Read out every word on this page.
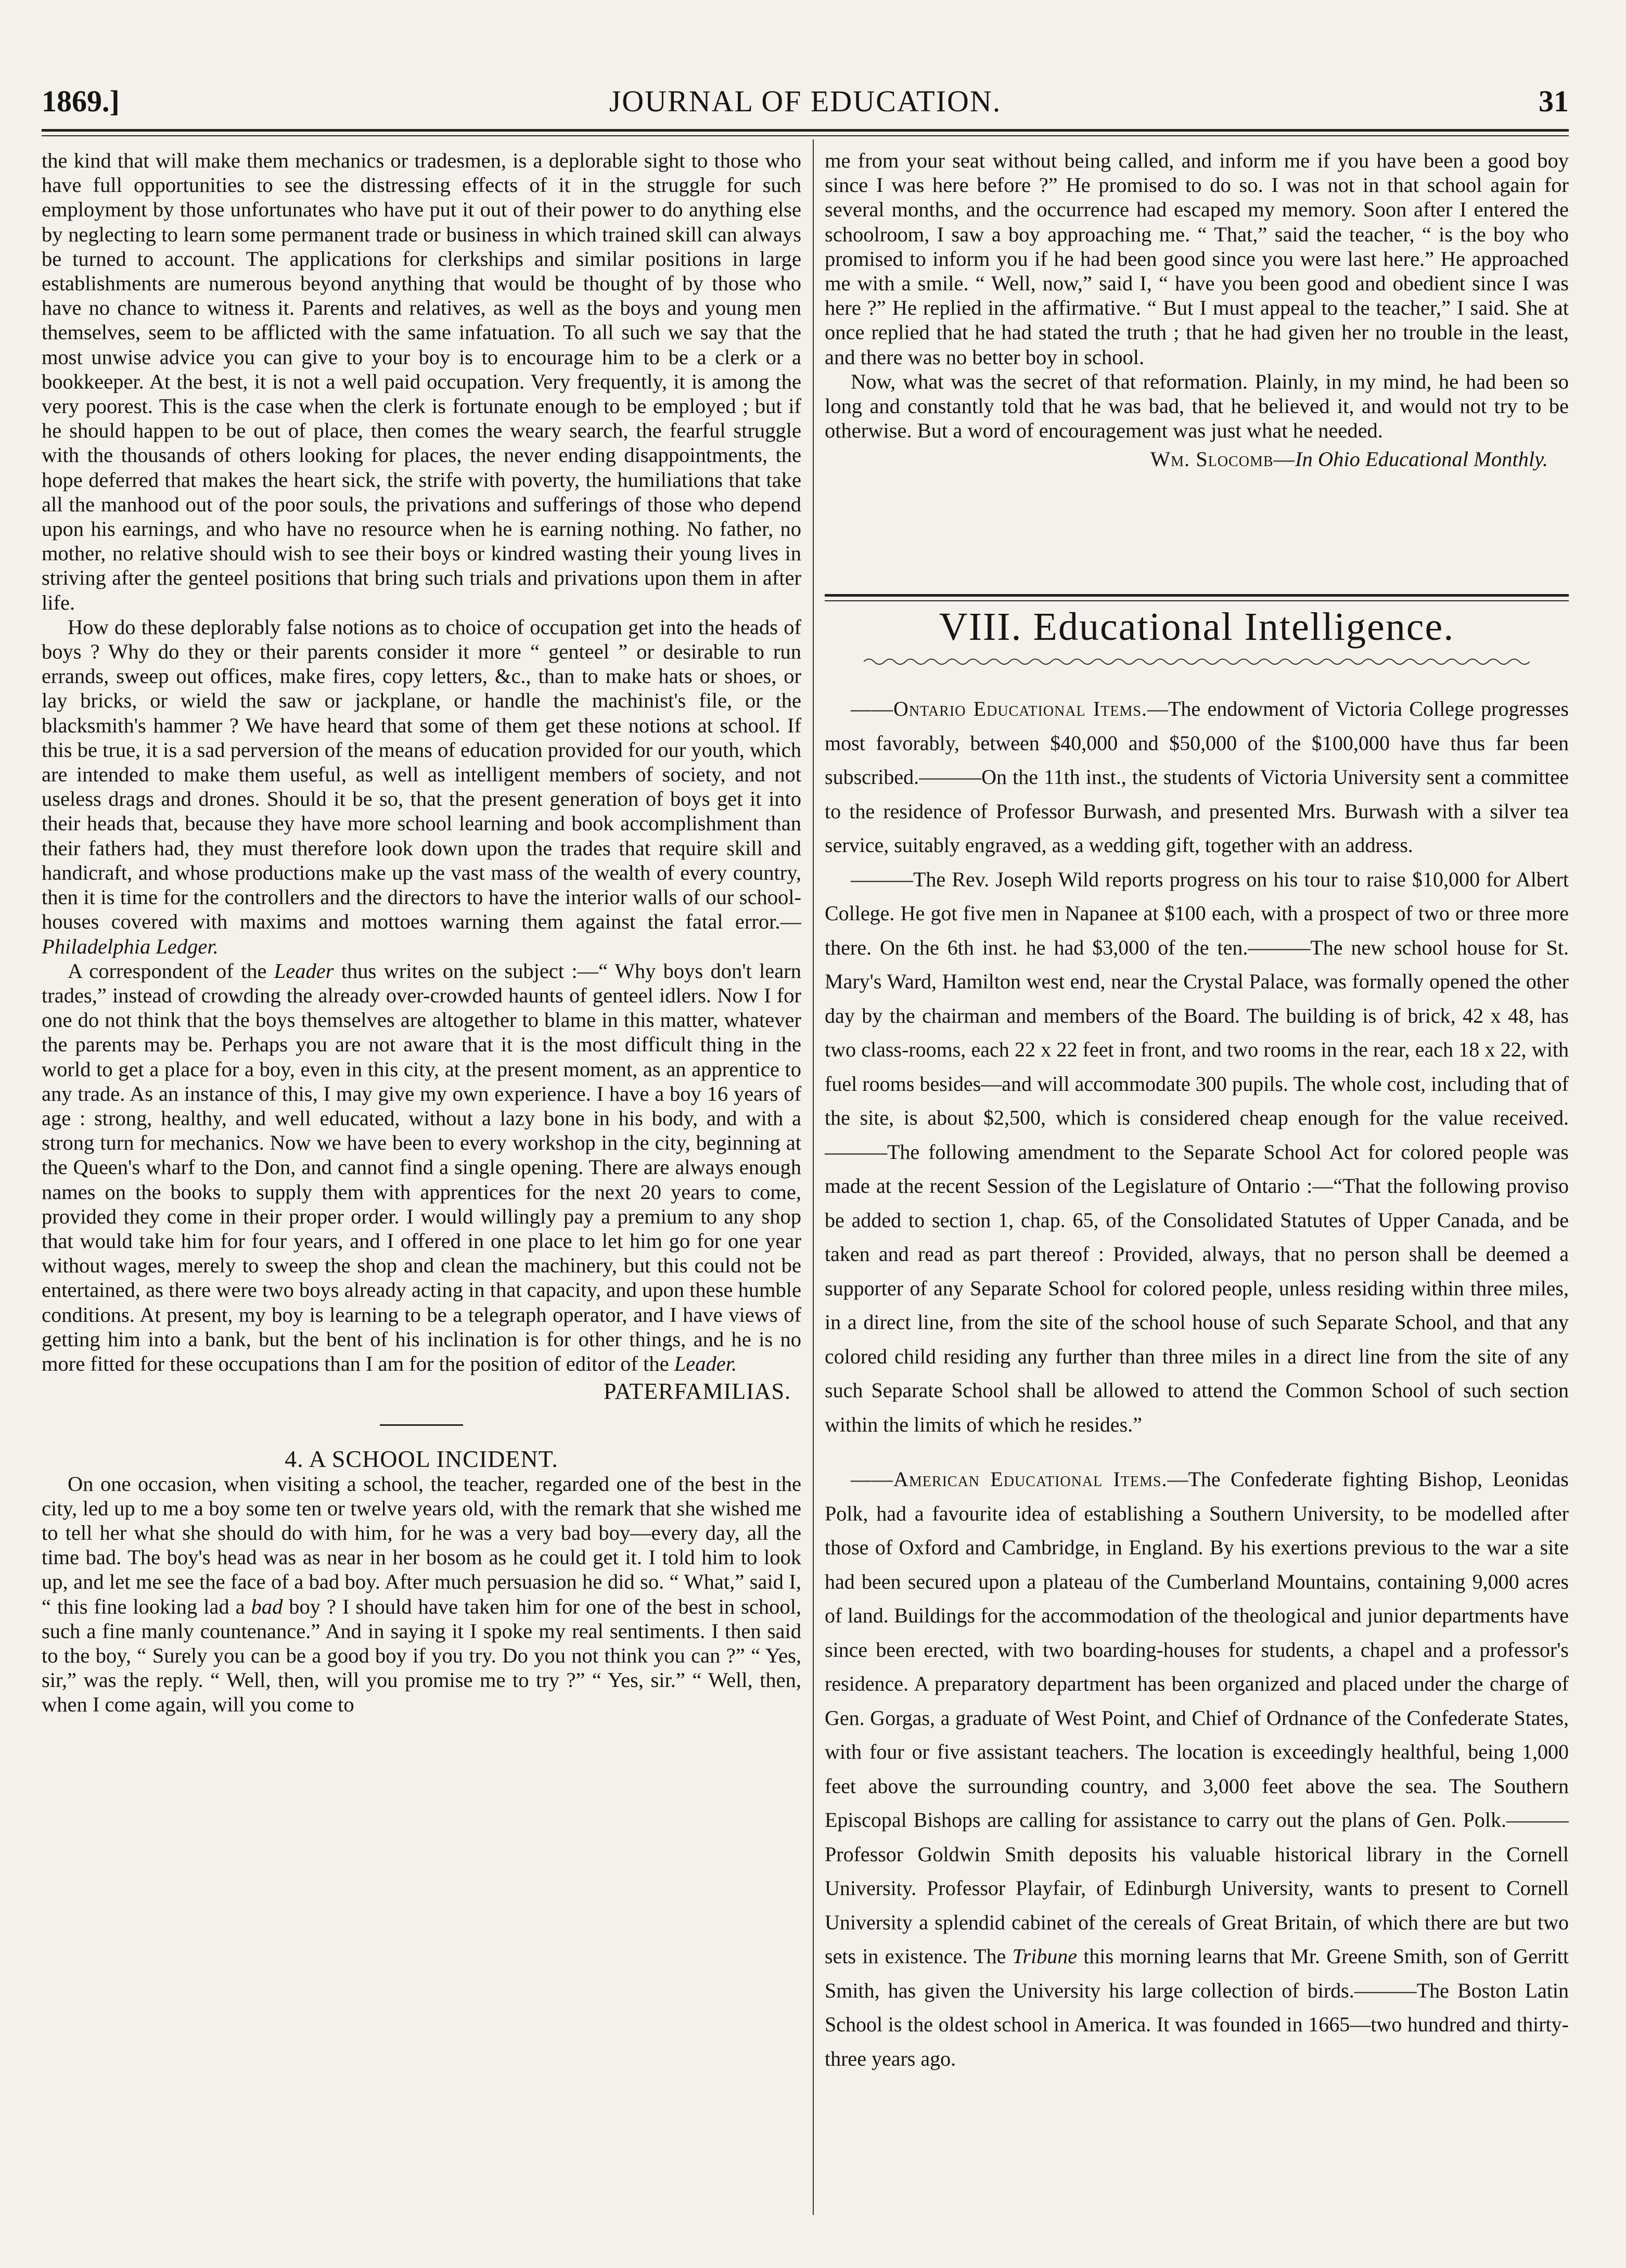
1869.]	JOURNAL OF EDUCATION.	31

the kind that will make them mechanics or tradesmen, is a deplorable sight to those who have full opportunities to see the distressing effects of it in the struggle for such employment by those unfortunates who have put it out of their power to do anything else by neglecting to learn some permanent trade or business in which trained skill can always be turned to account. The applications for clerkships and similar positions in large establishments are numerous beyond anything that would be thought of by those who have no chance to witness it. Parents and relatives, as well as the boys and young men themselves, seem to be afflicted with the same infatuation. To all such we say that the most unwise advice you can give to your boy is to encourage him to be a clerk or a bookkeeper. At the best, it is not a well paid occupation. Very frequently, it is among the very poorest. This is the case when the clerk is fortunate enough to be employed ; but if he should happen to be out of place, then comes the weary search, the fearful struggle with the thousands of others looking for places, the never ending disappointments, the hope deferred that makes the heart sick, the strife with poverty, the humiliations that take all the manhood out of the poor souls, the privations and sufferings of those who depend upon his earnings, and who have no resource when he is earning nothing. No father, no mother, no relative should wish to see their boys or kindred wasting their young lives in striving after the genteel positions that bring such trials and privations upon them in after life.

How do these deplorably false notions as to choice of occupation get into the heads of boys ? Why do they or their parents consider it more “ genteel ” or desirable to run errands, sweep out offices, make fires, copy letters, &c., than to make hats or shoes, or lay bricks, or wield the saw or jackplane, or handle the machinist's file, or the blacksmith's hammer ? We have heard that some of them get these notions at school. If this be true, it is a sad perversion of the means of education provided for our youth, which are intended to make them useful, as well as intelligent members of society, and not useless drags and drones. Should it be so, that the present generation of boys get it into their heads that, because they have more school learning and book accomplishment than their fathers had, they must therefore look down upon the trades that require skill and handicraft, and whose productions make up the vast mass of the wealth of every country, then it is time for the controllers and the directors to have the interior walls of our school-houses covered with maxims and mottoes warning them against the fatal error.—Philadelphia Ledger.

A correspondent of the Leader thus writes on the subject :—“ Why boys don't learn trades,” instead of crowding the already over-crowded haunts of genteel idlers. Now I for one do not think that the boys themselves are altogether to blame in this matter, whatever the parents may be. Perhaps you are not aware that it is the most difficult thing in the world to get a place for a boy, even in this city, at the present moment, as an apprentice to any trade. As an instance of this, I may give my own experience. I have a boy 16 years of age : strong, healthy, and well educated, without a lazy bone in his body, and with a strong turn for mechanics. Now we have been to every workshop in the city, beginning at the Queen's wharf to the Don, and cannot find a single opening. There are always enough names on the books to supply them with apprentices for the next 20 years to come, provided they come in their proper order. I would willingly pay a premium to any shop that would take him for four years, and I offered in one place to let him go for one year without wages, merely to sweep the shop and clean the machinery, but this could not be entertained, as there were two boys already acting in that capacity, and upon these humble conditions. At present, my boy is learning to be a telegraph operator, and I have views of getting him into a bank, but the bent of his inclination is for other things, and he is no more fitted for these occupations than I am for the position of editor of the Leader.

PATERFAMILIAS.

4. A SCHOOL INCIDENT.

On one occasion, when visiting a school, the teacher, regarded one of the best in the city, led up to me a boy some ten or twelve years old, with the remark that she wished me to tell her what she should do with him, for he was a very bad boy—every day, all the time bad. The boy's head was as near in her bosom as he could get it. I told him to look up, and let me see the face of a bad boy. After much persuasion he did so. “ What,” said I, “ this fine looking lad a bad boy ? I should have taken him for one of the best in school, such a fine manly countenance.” And in saying it I spoke my real sentiments. I then said to the boy, “ Surely you can be a good boy if you try. Do you not think you can ?” “ Yes, sir,” was the reply. “ Well, then, will you promise me to try ?” “ Yes, sir.” “ Well, then, when I come again, will you come to

me from your seat without being called, and inform me if you have been a good boy since I was here before ?” He promised to do so. I was not in that school again for several months, and the occurrence had escaped my memory. Soon after I entered the schoolroom, I saw a boy approaching me. “ That,” said the teacher, “ is the boy who promised to inform you if he had been good since you were last here.” He approached me with a smile. “ Well, now,” said I, “ have you been good and obedient since I was here ?” He replied in the affirmative. “ But I must appeal to the teacher,” I said. She at once replied that he had stated the truth ; that he had given her no trouble in the least, and there was no better boy in school.

Now, what was the secret of that reformation. Plainly, in my mind, he had been so long and constantly told that he was bad, that he believed it, and would not try to be otherwise. But a word of encouragement was just what he needed.

Wm. Slocomb—In Ohio Educational Monthly.

VIII. Educational Intelligence.

——Ontario Educational Items.—The endowment of Victoria College progresses most favorably, between $40,000 and $50,000 of the $100,000 have thus far been subscribed.———On the 11th inst., the students of Victoria University sent a committee to the residence of Professor Burwash, and presented Mrs. Burwash with a silver tea service, suitably engraved, as a wedding gift, together with an address.

———The Rev. Joseph Wild reports progress on his tour to raise $10,000 for Albert College. He got five men in Napanee at $100 each, with a prospect of two or three more there. On the 6th inst. he had $3,000 of the ten.———The new school house for St. Mary's Ward, Hamilton west end, near the Crystal Palace, was formally opened the other day by the chairman and members of the Board. The building is of brick, 42 x 48, has two class-rooms, each 22 x 22 feet in front, and two rooms in the rear, each 18 x 22, with fuel rooms besides—and will accommodate 300 pupils. The whole cost, including that of the site, is about $2,500, which is considered cheap enough for the value received.———The following amendment to the Separate School Act for colored people was made at the recent Session of the Legislature of Ontario :—“That the following proviso be added to section 1, chap. 65, of the Consolidated Statutes of Upper Canada, and be taken and read as part thereof : Provided, always, that no person shall be deemed a supporter of any Separate School for colored people, unless residing within three miles, in a direct line, from the site of the school house of such Separate School, and that any colored child residing any further than three miles in a direct line from the site of any such Separate School shall be allowed to attend the Common School of such section within the limits of which he resides.”

——American Educational Items.—The Confederate fighting Bishop, Leonidas Polk, had a favourite idea of establishing a Southern University, to be modelled after those of Oxford and Cambridge, in England. By his exertions previous to the war a site had been secured upon a plateau of the Cumberland Mountains, containing 9,000 acres of land. Buildings for the accommodation of the theological and junior departments have since been erected, with two boarding-houses for students, a chapel and a professor's residence. A preparatory department has been organized and placed under the charge of Gen. Gorgas, a graduate of West Point, and Chief of Ordnance of the Confederate States, with four or five assistant teachers. The location is exceedingly healthful, being 1,000 feet above the surrounding country, and 3,000 feet above the sea. The Southern Episcopal Bishops are calling for assistance to carry out the plans of Gen. Polk.———Professor Goldwin Smith deposits his valuable historical library in the Cornell University. Professor Playfair, of Edinburgh University, wants to present to Cornell University a splendid cabinet of the cereals of Great Britain, of which there are but two sets in existence. The Tribune this morning learns that Mr. Greene Smith, son of Gerritt Smith, has given the University his large collection of birds.———The Boston Latin School is the oldest school in America. It was founded in 1665—two hundred and thirty-three years ago.
